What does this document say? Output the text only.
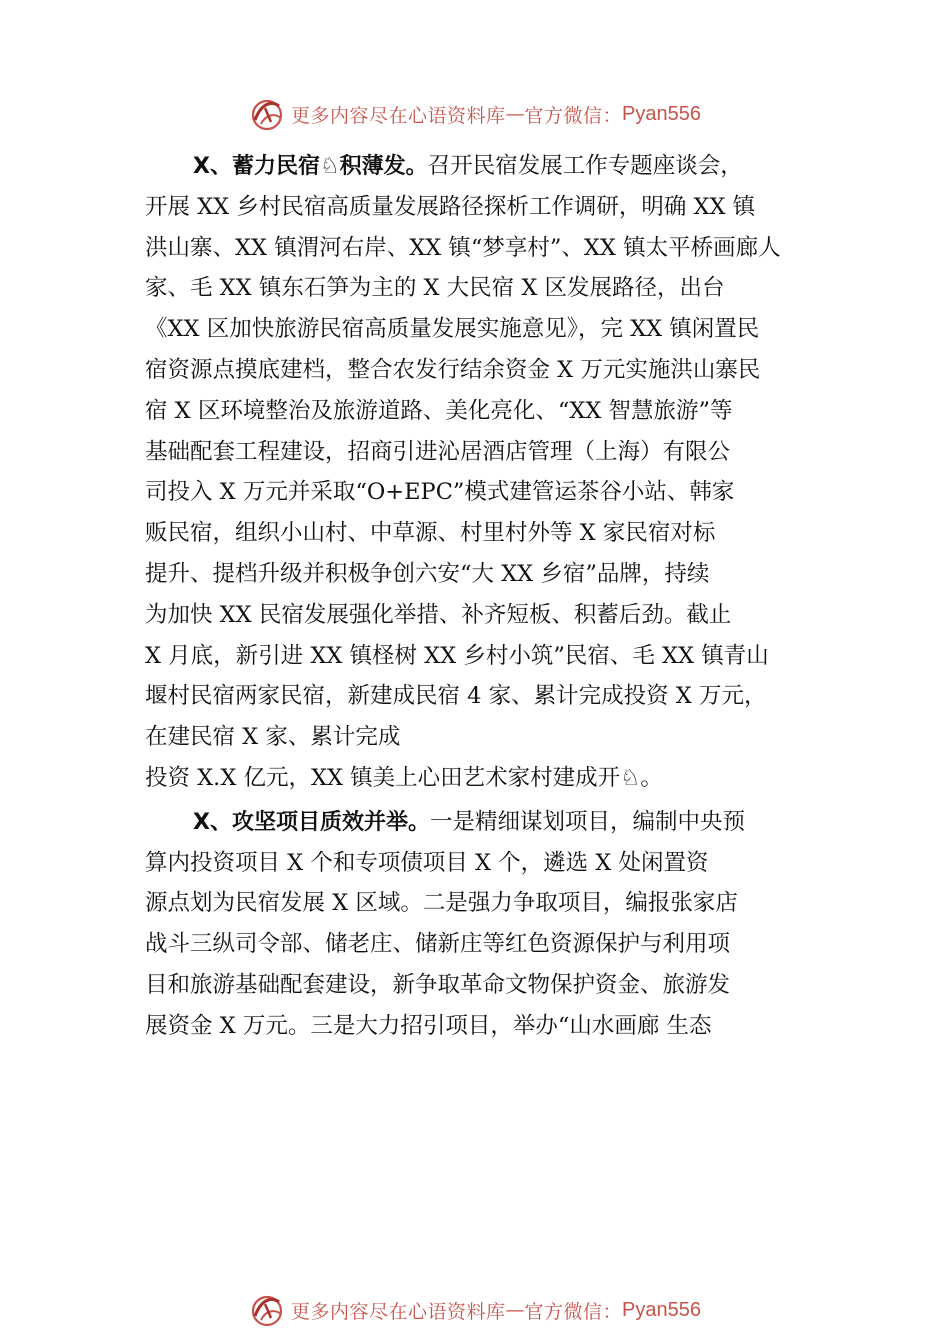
更多内容尽在心语资料库 — 官方微信： Pyan556
X、蓄力民宿♘积薄发。召开民宿发展工作专题座谈会，
开展 XX 乡村民宿高质量发展路径探析工作调研，明确 XX 镇
洪山寨、XX 镇渭河右岸、XX 镇“梦享村”、XX 镇太平桥画廊人
家、毛 XX 镇东石笋为主的 X 大民宿 X 区发展路径，出台
《XX 区加快旅游民宿高质量发展实施意见》，完 XX 镇闲置民
宿资源点摸底建档，整合农发行结余资金 X 万元实施洪山寨民
宿 X 区环境整治及旅游道路、美化亮化、“XX 智慧旅游”等
基础配套工程建设，招商引进沁居酒店管理（上海）有限公
司投入 X 万元并采取“O+EPC”模式建管运茶谷小站、韩家
贩民宿，组织小山村、中草源、村里村外等 X 家民宿对标
提升、提档升级并积极争创六安“大 XX 乡宿”品牌，持续
为加快 XX 民宿发展强化举措、补齐短板、积蓄后劲。截止
X 月底，新引进 XX 镇柽树 XX 乡村小筑”民宿、毛 XX 镇青山
堰村民宿两家民宿，新建成民宿 4 家、累计完成投资 X 万元，
在建民宿 X 家、累计完成
投资 X.X 亿元，XX 镇美上心田艺术家村建成开♘。
X、攻坚项目质效并举。一是精细谋划项目，编制中央预
算内投资项目 X 个和专项债项目 X 个，遴选 X 处闲置资
源点划为民宿发展 X 区域。二是强力争取项目，编报张家店
战斗三纵司令部、储老庄、储新庄等红色资源保护与利用项
目和旅游基础配套建设，新争取革命文物保护资金、旅游发
展资金 X 万元。三是大力招引项目，举办“山水画廊 生态
更多内容尽在心语资料库 — 官方微信： Pyan556
